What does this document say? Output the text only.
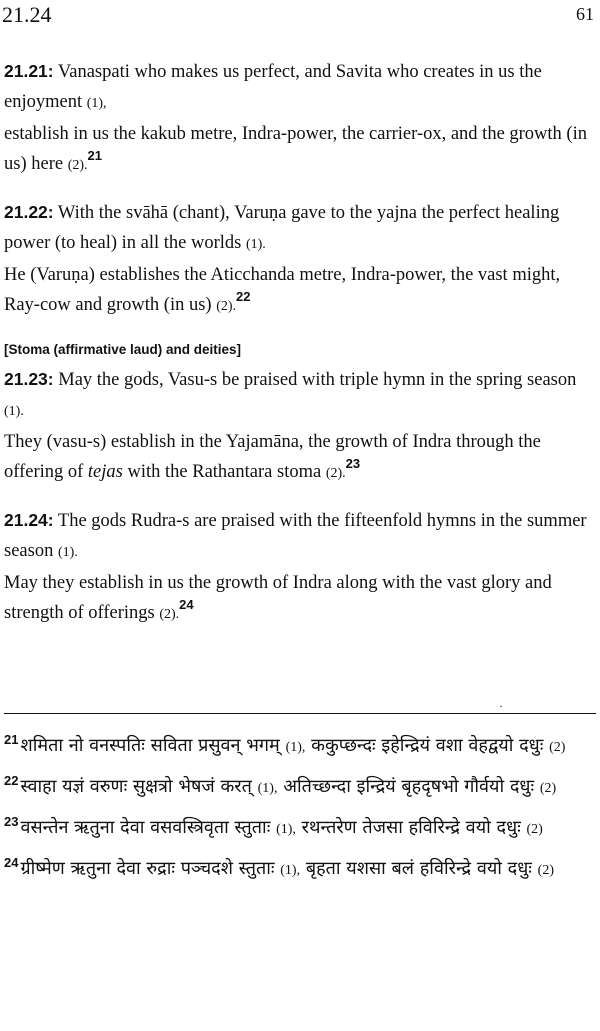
21.24	61

21.21: Vanaspati who makes us perfect, and Savita who creates in us the enjoyment (1),
establish in us the kakub metre, Indra-power, the carrier-ox, and the growth (in us) here (2).$^{21}$

21.22: With the svāhā (chant), Varuṇa gave to the yajna the perfect healing power (to heal) in all the worlds (1).
He (Varuṇa) establishes the Aticchanda metre, Indra-power, the vast might, Ray-cow and growth (in us) (2).$^{22}$

[Stoma (affirmative laud) and deities]

21.23: May the gods, Vasu-s be praised with triple hymn in the spring season (1).
They (vasu-s) establish in the Yajamāna, the growth of Indra through the offering of tejas with the Rathantara stoma (2).$^{23}$

21.24: The gods Rudra-s are praised with the fifteenfold hymns in the summer season (1).
May they establish in us the growth of Indra along with the vast glory and strength of offerings (2).$^{24}$

·

$^{21}$ शमिता नो वनस्पतिः सविता प्रसुवन् भगम् (1), ककुप्छन्दः इहेन्द्रियं वशा वेहद्वयो दधुः (2)

$^{22}$ स्वाहा यज्ञं वरुणः सुक्षत्रो भेषजं करत् (1), अतिच्छन्दा इन्द्रियं बृहदृषभो गौर्वयो दधुः (2)

$^{23}$ वसन्तेन ऋतुना देवा वसवस्त्रिवृता स्तुताः (1), रथन्तरेण तेजसा हविरिन्द्रे वयो दधुः (2)

$^{24}$ ग्रीष्मेण ऋतुना देवा रुद्राः पञ्चदशे स्तुताः (1), बृहता यशसा बलं हविरिन्द्रे वयो दधुः (2)
